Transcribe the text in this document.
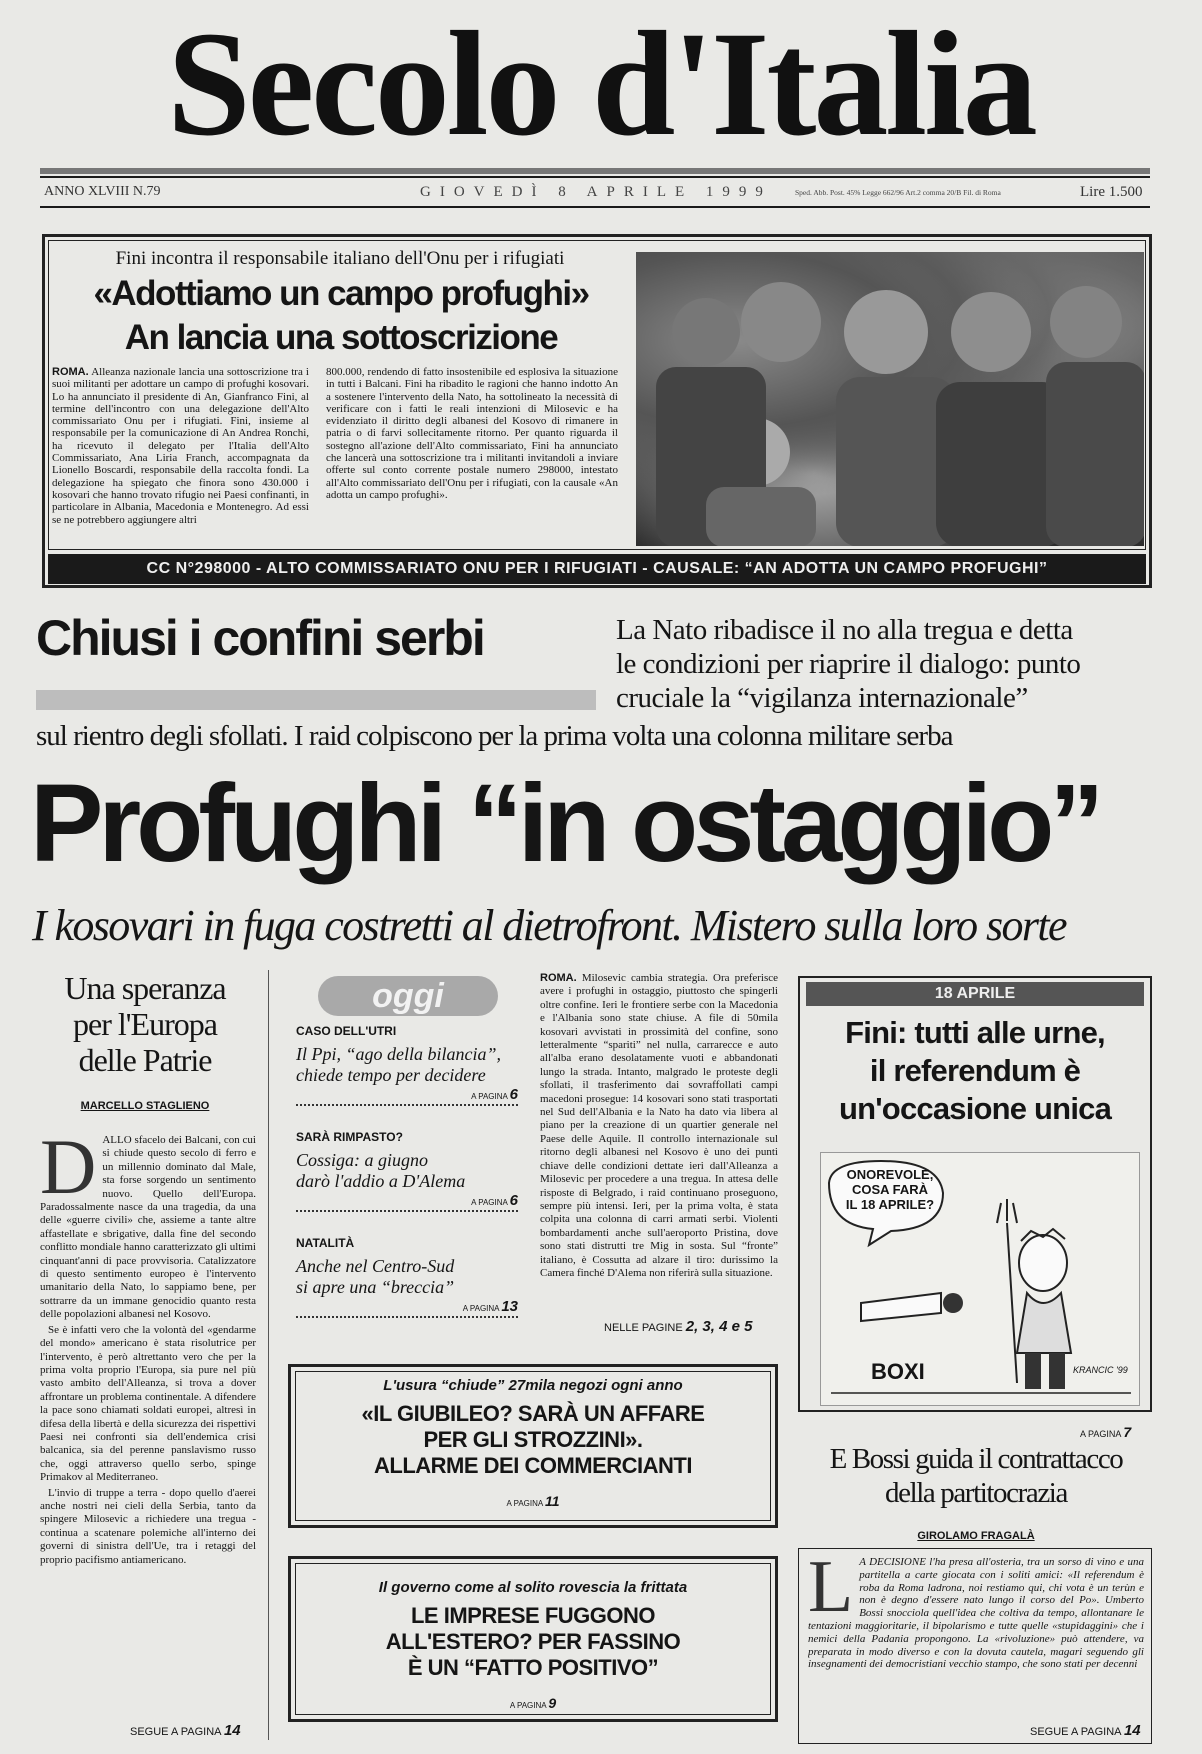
Secolo d'Italia
ANNO XLVIII N.79	GIOVEDÌ 8 APRILE 1999	Sped. Abb. Post. 45% Legge 662/96 Art.2 comma 20/B Fil. di Roma	Lire 1.500
Fini incontra il responsabile italiano dell'Onu per i rifugiati
«Adottiamo un campo profughi»
An lancia una sottoscrizione
ROMA. Alleanza nazionale lancia una sottoscrizione tra i suoi militanti per adottare un campo di profughi kosovari. Lo ha annunciato il presidente di An, Gianfranco Fini, al termine dell'incontro con una delegazione dell'Alto commissariato Onu per i rifugiati. Fini, insieme al responsabile per la comunicazione di An Andrea Ronchi, ha ricevuto il delegato per l'Italia dell'Alto Commissariato, Ana Liria Franch, accompagnata da Lionello Boscardi, responsabile della raccolta fondi. La delegazione ha spiegato che finora sono 430.000 i kosovari che hanno trovato rifugio nei Paesi confinanti, in particolare in Albania, Macedonia e Montenegro. Ad essi se ne potrebbero aggiungere altri
800.000, rendendo di fatto insostenibile ed esplosiva la situazione in tutti i Balcani. Fini ha ribadito le ragioni che hanno indotto An a sostenere l'intervento della Nato, ha sottolineato la necessità di verificare con i fatti le reali intenzioni di Milosevic e ha evidenziato il diritto degli albanesi del Kosovo di rimanere in patria o di farvi sollecitamente ritorno. Per quanto riguarda il sostegno all'azione dell'Alto commissariato, Fini ha annunciato che lancerà una sottoscrizione tra i militanti invitandoli a inviare offerte sul conto corrente postale numero 298000, intestato all'Alto commissariato dell'Onu per i rifugiati, con la causale «An adotta un campo profughi».
CC N°298000 - ALTO COMMISSARIATO ONU PER I RIFUGIATI - CAUSALE: “AN ADOTTA UN CAMPO PROFUGHI”
Chiusi i confini serbi	La Nato ribadisce il no alla tregua e detta
le condizioni per riaprire il dialogo: punto
cruciale la “vigilanza internazionale”
sul rientro degli sfollati. I raid colpiscono per la prima volta una colonna militare serba
Profughi “in ostaggio”
I kosovari in fuga costretti al dietrofront. Mistero sulla loro sorte
Una speranza
per l'Europa
delle Patrie
MARCELLO STAGLIENO
D ALLO sfacelo dei Balcani, con cui si chiude questo secolo di ferro e un millennio dominato dal Male, sta forse sorgendo un sentimento nuovo. Quello dell'Europa. Paradossalmente nasce da una tragedia, da una delle «guerre civili» che, assieme a tante altre affastellate e sbrigative, dalla fine del secondo conflitto mondiale hanno caratterizzato gli ultimi cinquant'anni di pace provvisoria. Catalizzatore di questo sentimento europeo è l'intervento umanitario della Nato, lo sappiamo bene, per sottrarre da un immane genocidio quanto resta delle popolazioni albanesi nel Kosovo.

Se è infatti vero che la volontà del «gendarme del mondo» americano è stata risolutrice per l'intervento, è però altrettanto vero che per la prima volta proprio l'Europa, sia pure nel più vasto ambito dell'Alleanza, si trova a dover affrontare un problema continentale. A difendere la pace sono chiamati soldati europei, altresì in difesa della libertà e della sicurezza dei rispettivi Paesi nei confronti sia dell'endemica crisi balcanica, sia del perenne panslavismo russo che, oggi attraverso quello serbo, spinge Primakov al Mediterraneo.

L'invio di truppe a terra - dopo quello d'aerei anche nostri nei cieli della Serbia, tanto da spingere Milosevic a richiedere una tregua - continua a scatenare polemiche all'interno dei governi di sinistra dell'Ue, tra i retaggi del proprio pacifismo antiamericano.

SEGUE A PAGINA 14
oggi
CASO DELL'UTRI
Il Ppi, “ago della bilancia”,
chiede tempo per decidere
A PAGINA 6
SARÀ RIMPASTO?
Cossiga: a giugno
darò l'addio a D'Alema
A PAGINA 6
NATALITÀ
Anche nel Centro-Sud
si apre una “breccia”
A PAGINA 13
ROMA. Milosevic cambia strategia. Ora preferisce avere i profughi in ostaggio, piuttosto che spingerli oltre confine. Ieri le frontiere serbe con la Macedonia e l'Albania sono state chiuse. A file di 50mila kosovari avvistati in prossimità del confine, sono letteralmente “spariti” nel nulla, carrarecce e auto all'alba erano desolatamente vuoti e abbandonati lungo la strada. Intanto, malgrado le proteste degli sfollati, il trasferimento dai sovraffollati campi macedoni prosegue: 14 kosovari sono stati trasportati nel Sud dell'Albania e la Nato ha dato via libera al piano per la creazione di un quartier generale nel Paese delle Aquile. Il controllo internazionale sul ritorno degli albanesi nel Kosovo è uno dei punti chiave delle condizioni dettate ieri dall'Alleanza a Milosevic per procedere a una tregua. In attesa delle risposte di Belgrado, i raid continuano proseguono, sempre più intensi. Ieri, per la prima volta, è stata colpita una colonna di carri armati serbi. Violenti bombardamenti anche sull'aeroporto Pristina, dove sono stati distrutti tre Mig in sosta. Sul “fronte” italiano, è Cossutta ad alzare il tiro: durissimo la Camera finché D'Alema non riferirà sulla situazione.
NELLE PAGINE 2, 3, 4 e 5
L'usura “chiude” 27mila negozi ogni anno
«IL GIUBILEO? SARÀ UN AFFARE
PER GLI STROZZINI».
ALLARME DEI COMMERCIANTI
A PAGINA 11
Il governo come al solito rovescia la frittata
LE IMPRESE FUGGONO
ALL'ESTERO? PER FASSINO
È UN “FATTO POSITIVO”
A PAGINA 9
18 APRILE
Fini: tutti alle urne,
il referendum è
un'occasione unica
ONOREVOLE,
COSA FARÀ
IL 18 APRILE?
BOXI	KRANCIC '99
A PAGINA 7
E Bossi guida il contrattacco
della partitocrazia
GIROLAMO FRAGALÀ
L A DECISIONE l'ha presa all'osteria, tra un sorso di vino e una partitella a carte giocata con i soliti amici: «Il referendum è roba da Roma ladrona, noi restiamo qui, chi vota è un terùn e non è degno d'essere nato lungo il corso del Po». Umberto Bossi snocciola quell'idea che coltiva da tempo, allontanare le tentazioni maggioritarie, il bipolarismo e tutte quelle «stupidaggini» che i nemici della Padania propongono. La «rivoluzione» può attendere, va preparata in modo diverso e con la dovuta cautela, magari seguendo gli insegnamenti dei democristiani vecchio stampo, che sono stati per decenni
SEGUE A PAGINA 14
